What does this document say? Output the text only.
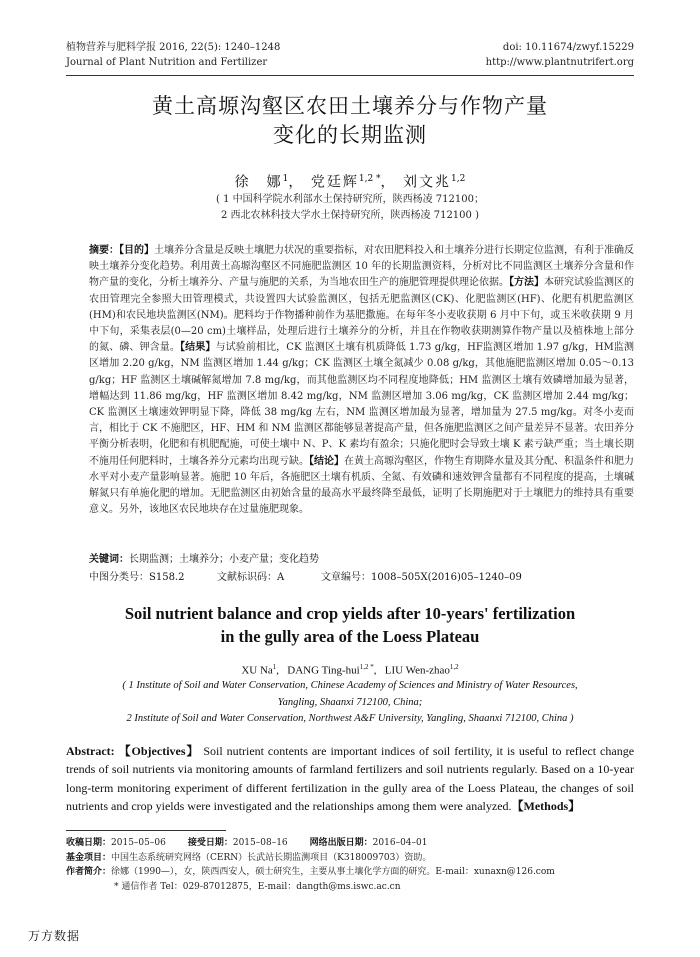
植物营养与肥料学报 2016, 22(5): 1240–1248
Journal of Plant Nutrition and Fertilizer
doi: 10.11674/zwyf.15229
http://www.plantnutrifert.org
黄土高塬沟壑区农田土壤养分与作物产量
变化的长期监测
徐　娜$^1$， 党廷辉$^{1,2 *}$， 刘文兆$^{1,2}$
( 1 中国科学院水利部水土保持研究所，陕西杨凌 712100；
2 西北农林科技大学水土保持研究所，陕西杨凌 712100 )
摘要：【目的】土壤养分含量是反映土壤肥力状况的重要指标，对农田肥料投入和土壤养分进行长期定位监测，有利于准确反映土壤养分变化趋势。利用黄土高塬沟壑区不同施肥监测区 10 年的长期监测资料，分析对比不同监测区土壤养分含量和作物产量的变化，分析土壤养分、产量与施肥的关系，为当地农田生产的施肥管理提供理论依据。【方法】本研究试验监测区的农田管理完全参照大田管理模式，共设置四大试验监测区，包括无肥监测区(CK)、化肥监测区(HF)、化肥有机肥监测区(HM)和农民地块监测区(NM)。肥料均于作物播种前作为基肥撒施。在每年冬小麦收获期 6 月中下旬，或玉米收获期 9 月中下旬，采集表层(0—20 cm)土壤样品，处理后进行土壤养分的分析，并且在作物收获期测算作物产量以及植株地上部分的氮、磷、钾含量。【结果】与试验前相比，CK 监测区土壤有机质降低 1.73 g/kg，HF监测区增加 1.97 g/kg，HM监测区增加 2.20 g/kg，NM 监测区增加 1.44 g/kg；CK 监测区土壤全氮减少 0.08 g/kg，其他施肥监测区增加 0.05～0.13 g/kg；HF 监测区土壤碱解氮增加 7.8 mg/kg，而其他监测区均不同程度地降低；HM 监测区土壤有效磷增加最为显著，增幅达到 11.86 mg/kg，HF 监测区增加 8.42 mg/kg，NM 监测区增加 3.06 mg/kg，CK 监测区增加 2.44 mg/kg；CK 监测区土壤速效钾明显下降，降低 38 mg/kg 左右，NM 监测区增加最为显著，增加量为 27.5 mg/kg。对冬小麦而言，相比于 CK 不施肥区，HF、HM 和 NM 监测区都能够显著提高产量，但各施肥监测区之间产量差异不显著。农田养分平衡分析表明，化肥和有机肥配施，可使土壤中 N、P、K 素均有盈余；只施化肥时会导致土壤 K 素亏缺严重；当土壤长期不施用任何肥料时，土壤各养分元素均出现亏缺。【结论】在黄土高塬沟壑区，作物生育期降水量及其分配、积温条件和肥力水平对小麦产量影响显著。施肥 10 年后，各施肥区土壤有机质、全氮、有效磷和速效钾含量都有不同程度的提高，土壤碱解氮只有单施化肥的增加。无肥监测区由初始含量的最高水平最终降至最低，证明了长期施肥对于土壤肥力的维持具有重要意义。另外，该地区农民地块存在过量施肥现象。
关键词：长期监测；土壤养分；小麦产量；变化趋势
中图分类号：S158.2	文献标识码：A	文章编号：1008–505X(2016)05–1240–09
Soil nutrient balance and crop yields after 10-years' fertilization
in the gully area of the Loess Plateau
XU Na$^1$,   DANG Ting-hui$^{1,2 *}$,   LIU Wen-zhao$^{1,2}$
( 1 Institute of Soil and Water Conservation, Chinese Academy of Sciences and Ministry of Water Resources,
Yangling, Shaanxi 712100, China;
2 Institute of Soil and Water Conservation, Northwest A&F University, Yangling, Shaanxi 712100, China )
Abstract: 【Objectives】 Soil nutrient contents are important indices of soil fertility, it is useful to reflect change trends of soil nutrients via monitoring amounts of farmland fertilizers and soil nutrients regularly. Based on a 10-year long-term monitoring experiment of different fertilization in the gully area of the Loess Plateau, the changes of soil nutrients and crop yields were investigated and the relationships among them were analyzed.【Methods】
收稿日期：2015–05–06 接受日期：2015–08–16 网络出版日期：2016–04–01
基金项目：中国生态系统研究网络（CERN）长武站长期监测项目（K318009703）资助。
作者简介：徐娜（1990—），女，陕西西安人，硕士研究生，主要从事土壤化学方面的研究。E-mail：xunaxn@126.com
* 通信作者 Tel：029-87012875，E-mail：dangth@ms.iswc.ac.cn
万方数据
